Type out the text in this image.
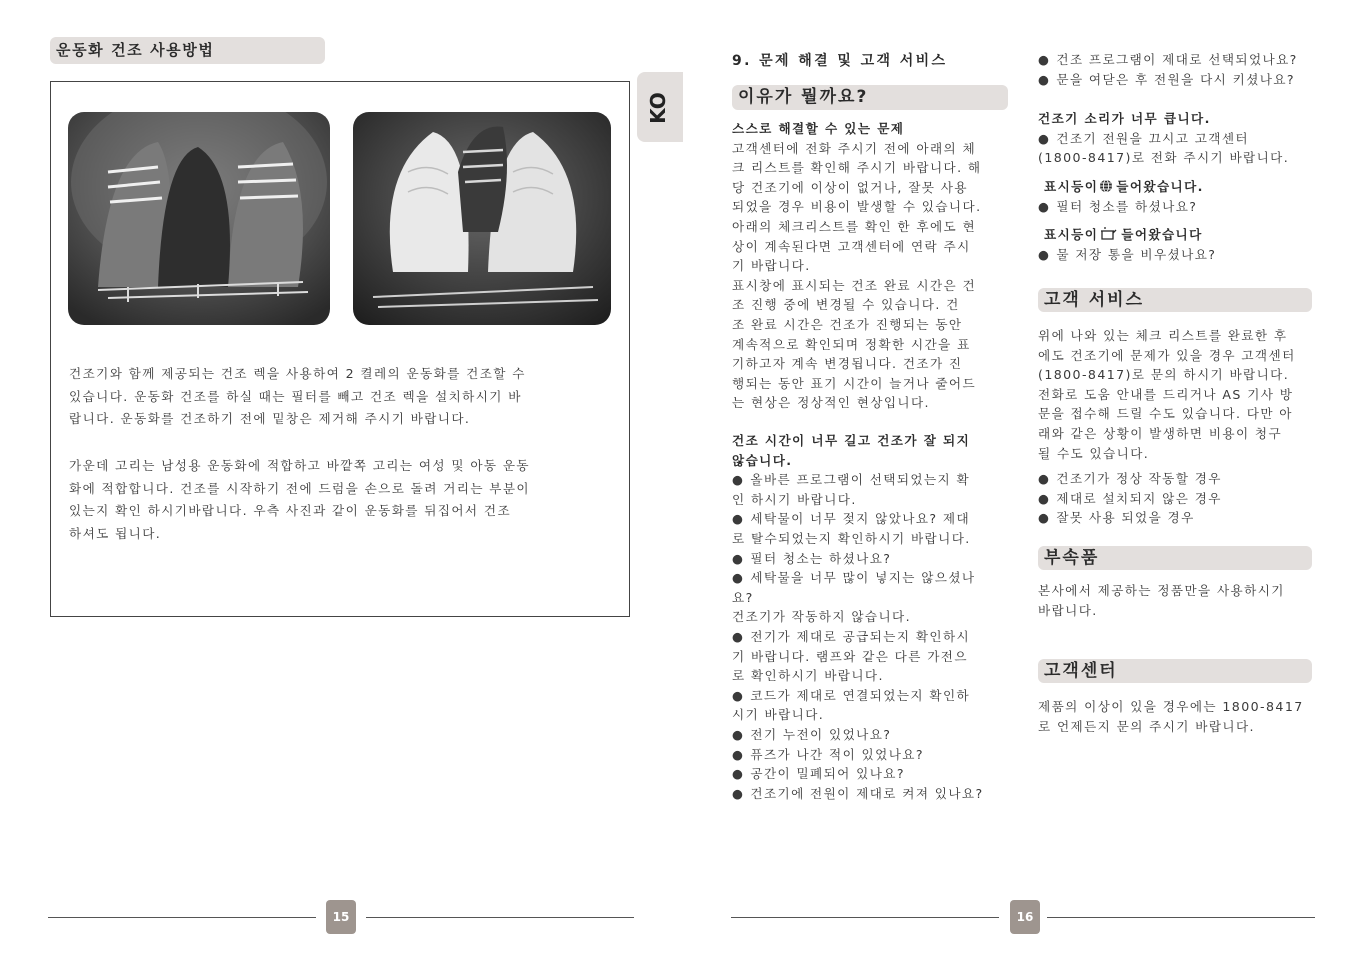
운동화 건조 사용방법
KO
건조기와 함께 제공되는 건조 렉을 사용하여 2 켤레의 운동화를 건조할 수
있습니다. 운동화 건조를 하실 때는 필터를 빼고 건조 렉을 설치하시기 바
랍니다. 운동화를 건조하기 전에 밑창은 제거해 주시기 바랍니다.
가운데 고리는 남성용 운동화에 적합하고 바깥쪽 고리는 여성 및 아동 운동
화에 적합합니다. 건조를 시작하기 전에 드럼을 손으로 돌려 거리는 부분이
있는지 확인 하시기바랍니다. 우측 사진과 같이 운동화를 뒤집어서 건조
하셔도 됩니다.
15
9. 문제 해결 및 고객 서비스
이유가 뭘까요?
스스로 해결할 수 있는 문제
고객센터에 전화 주시기 전에 아래의 체
크 리스트를 확인해 주시기 바랍니다. 해
당 건조기에 이상이 없거나, 잘못 사용
되었을 경우 비용이 발생할 수 있습니다.
아래의 체크리스트를 확인 한 후에도 현
상이 계속된다면 고객센터에 연락 주시
기 바랍니다.
표시창에 표시되는 건조 완료 시간은 건
조 진행 중에 변경될 수 있습니다. 건
조 완료 시간은 건조가 진행되는 동안
계속적으로 확인되며 정확한 시간을 표
기하고자 계속 변경됩니다. 건조가 진
행되는 동안 표기 시간이 늘거나 줄어드
는 현상은 정상적인 현상입니다.
건조 시간이 너무 길고 건조가 잘 되지
않습니다.
● 올바른 프로그램이 선택되었는지 확
인 하시기 바랍니다.
● 세탁물이 너무 젖지 않았나요? 제대
로 탈수되었는지 확인하시기 바랍니다.
● 필터 청소는 하셨나요?
● 세탁물을 너무 많이 넣지는 않으셨나
요?
건조기가 작동하지 않습니다.
● 전기가 제대로 공급되는지 확인하시
기 바랍니다. 램프와 같은 다른 가전으
로 확인하시기 바랍니다.
● 코드가 제대로 연결되었는지 확인하
시기 바랍니다.
● 전기 누전이 있었나요?
● 퓨즈가 나간 적이 있었나요?
● 공간이 밀폐되어 있나요?
● 건조기에 전원이 제대로 켜져 있나요?
● 건조 프로그램이 제대로 선택되었나요?
● 문을 여닫은 후 전원을 다시 키셨나요?
건조기 소리가 너무 큽니다.
● 건조기 전원을 끄시고 고객센터
(1800-8417)로 전화 주시기 바랍니다.
표시등이 들어왔습니다.
● 필터 청소를 하셨나요?
표시등이 들어왔습니다
● 물 저장 통을 비우셨나요?
고객 서비스
위에 나와 있는 체크 리스트를 완료한 후
에도 건조기에 문제가 있을 경우 고객센터
(1800-8417)로 문의 하시기 바랍니다.
전화로 도움 안내를 드리거나 AS 기사 방
문을 접수해 드릴 수도 있습니다. 다만 아
래와 같은 상황이 발생하면 비용이 청구
될 수도 있습니다.
● 건조기가 정상 작동할 경우
● 제대로 설치되지 않은 경우
● 잘못 사용 되었을 경우
부속품
본사에서 제공하는 정품만을 사용하시기
바랍니다.
고객센터
제품의 이상이 있을 경우에는 1800-8417
로 언제든지 문의 주시기 바랍니다.
16
